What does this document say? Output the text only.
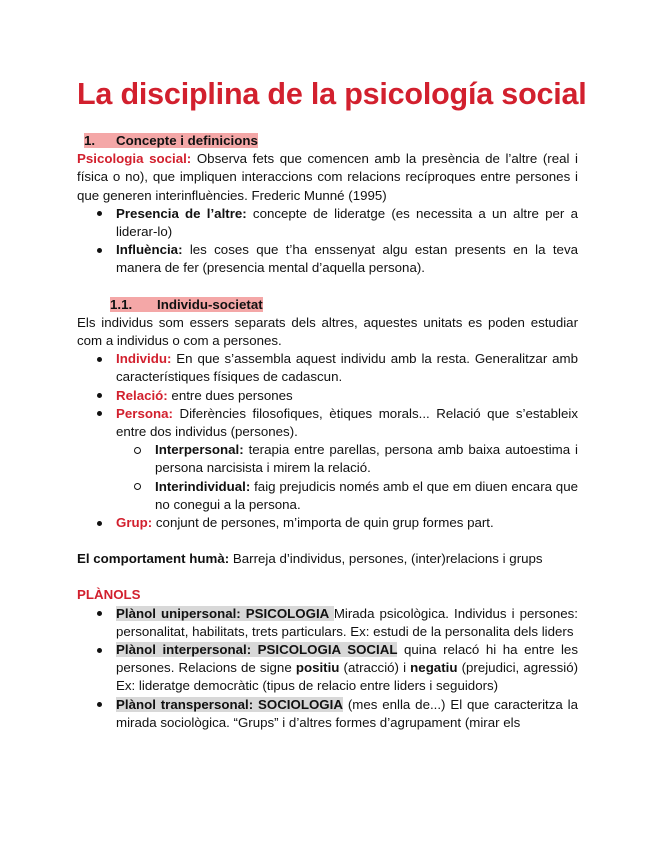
La disciplina de la psicología social
1. Concepte i definicions

Psicologia social: Observa fets que comencen amb la presència de l’altre (real i física o no), que impliquen interaccions com relacions recíproques entre persones i que generen interinfluències. Frederic Munné (1995)

Presencia de l’altre: concepte de lideratge (es necessita a un altre per a liderar-lo)
Influència: les coses que t’ha enssenyat algu estan presents en la teva manera de fer (presencia mental d’aquella persona).
1.1. Individu-societat

Els individus som essers separats dels altres, aquestes unitats es poden estudiar com a individus o com a persones.

Individu: En que s’assembla aquest individu amb la resta. Generalitzar amb característiques físiques de cadascun.
Relació: entre dues persones
Persona: Diferències filosofiques, ètiques morals... Relació que s’estableix entre dos individus (persones).
Interpersonal: terapia entre parellas, persona amb baixa autoestima i persona narcisista i mirem la relació.
Interindividual: faig prejudicis només amb el que em diuen encara que no conegui a la persona.
Grup: conjunt de persones, m’importa de quin grup formes part.

El comportament humà: Barreja d’individus, persones, (inter)relacions i grups

PLÀNOLS

Plànol unipersonal: PSICOLOGIA Mirada psicològica. Individus i persones: personalitat, habilitats, trets particulars. Ex: estudi de la personalita dels liders
Plànol interpersonal: PSICOLOGIA SOCIAL quina relacó hi ha entre les persones. Relacions de signe positiu (atracció) i negatiu (prejudici, agressió) Ex: lideratge democràtic (tipus de relacio entre liders i seguidors)
Plànol transpersonal: SOCIOLOGIA (mes enlla de...) El que caracteritza la mirada sociològica. “Grups” i d’altres formes d’agrupament (mirar els
